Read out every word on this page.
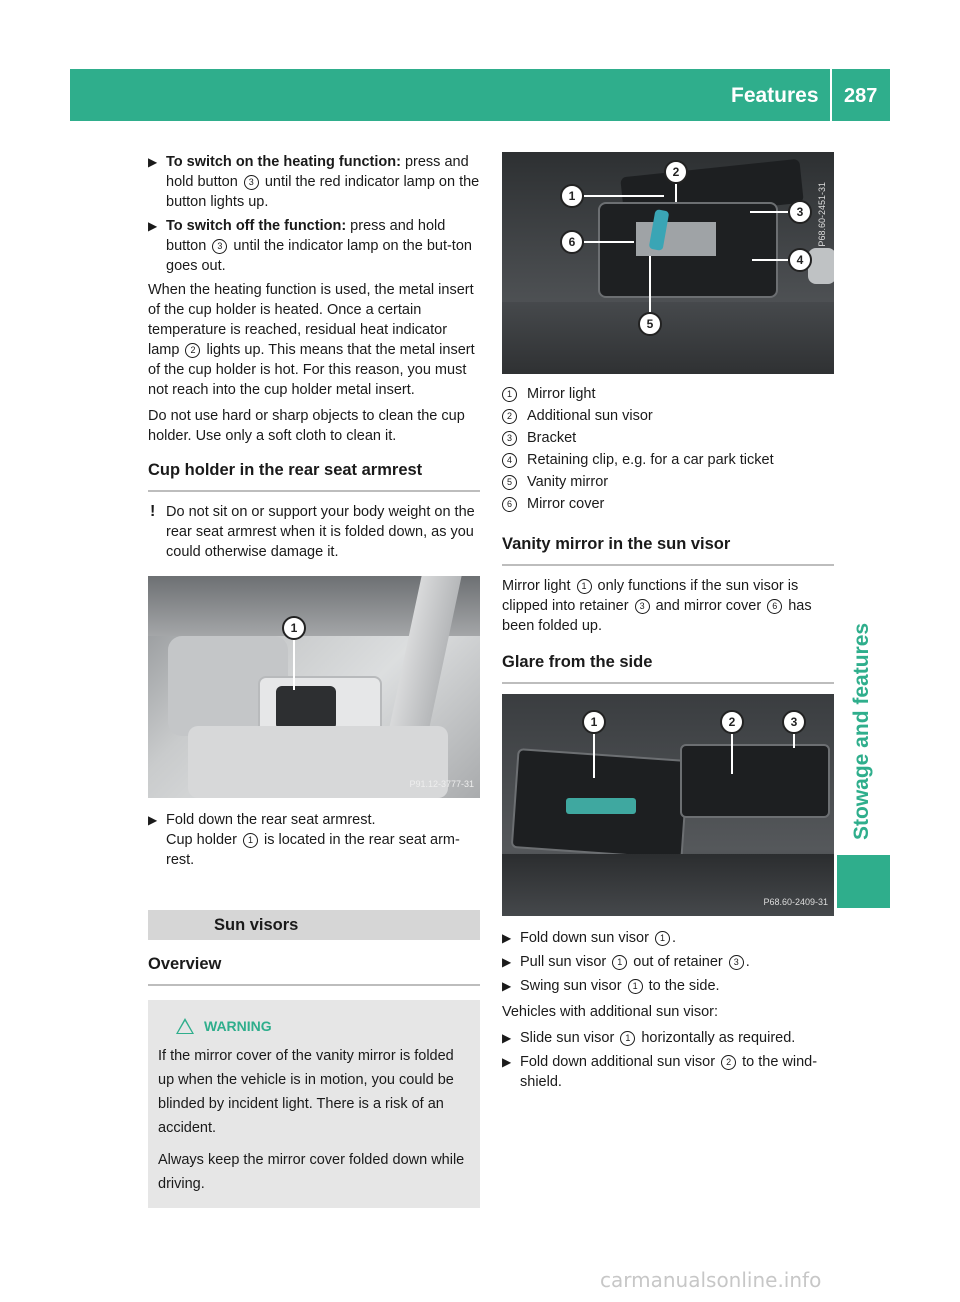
Features 287
Stowage and features
▶ To switch on the heating function: press and hold button 3 until the red indicator lamp on the button lights up.
▶ To switch off the function: press and hold button 3 until the indicator lamp on the but-ton goes out.

When the heating function is used, the metal insert of the cup holder is heated. Once a certain temperature is reached, residual heat indicator lamp 2 lights up. This means that the metal insert of the cup holder is hot. For this reason, you must not reach into the cup holder metal insert.

Do not use hard or sharp objects to clean the cup holder. Use only a soft cloth to clean it.

Cup holder in the rear seat armrest
! Do not sit on or support your body weight on the rear seat armrest when it is folded down, as you could otherwise damage it.
1
P91.12-3777-31
▶ Fold down the rear seat armrest.
Cup holder 1 is located in the rear seat arm-rest.
Sun visors
Overview
WARNING

If the mirror cover of the vanity mirror is folded up when the vehicle is in motion, you could be blinded by incident light. There is a risk of an accident.

Always keep the mirror cover folded down while driving.

1
2
3
4
5
6	P68.60-2451-31
1	Mirror light
2	Additional sun visor
3	Bracket
4	Retaining clip, e.g. for a car park ticket
5	Vanity mirror
6	Mirror cover
Vanity mirror in the sun visor

Mirror light 1 only functions if the sun visor is clipped into retainer 3 and mirror cover 6 has been folded up.

Glare from the side
1	2	3
P68.60-2409-31
▶ Fold down sun visor 1 .
▶ Pull sun visor 1 out of retainer 3 .
▶ Swing sun visor 1 to the side.

Vehicles with additional sun visor:

▶ Slide sun visor 1 horizontally as required.
▶ Fold down additional sun visor 2 to the wind-shield.
carmanualsonline.info
